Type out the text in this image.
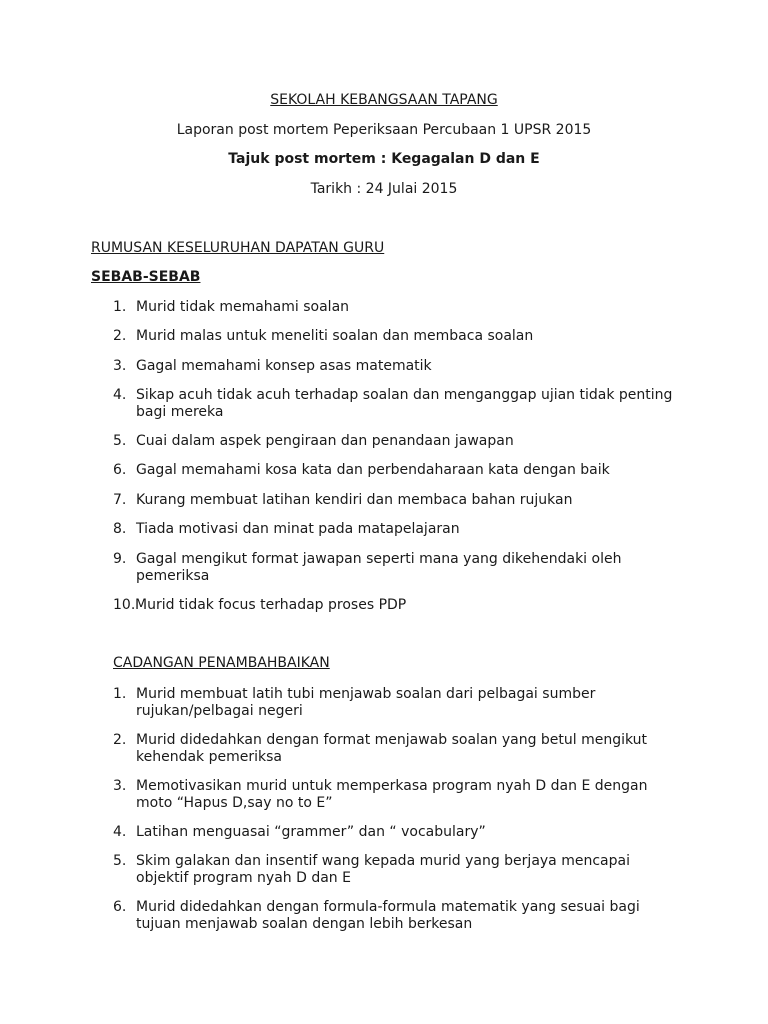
SEKOLAH KEBANGSAAN TAPANG
Laporan post mortem Peperiksaan Percubaan 1 UPSR 2015
Tajuk post mortem : Kegagalan D dan E
Tarikh : 24 Julai 2015
RUMUSAN KESELURUHAN DAPATAN GURU
SEBAB-SEBAB
1. Murid tidak memahami soalan
2. Murid malas untuk meneliti soalan dan membaca soalan
3. Gagal memahami konsep asas matematik
4. Sikap acuh tidak acuh terhadap soalan dan menganggap ujian tidak penting bagi mereka
5. Cuai dalam aspek pengiraan dan penandaan jawapan
6. Gagal memahami kosa kata dan perbendaharaan kata dengan baik
7. Kurang membuat latihan kendiri dan membaca bahan rujukan
8. Tiada motivasi dan minat pada matapelajaran
9. Gagal mengikut format jawapan seperti mana yang dikehendaki oleh pemeriksa
10. Murid tidak focus terhadap proses PDP
CADANGAN PENAMBAHBAIKAN
1. Murid membuat latih tubi menjawab soalan dari pelbagai sumber rujukan/pelbagai negeri
2. Murid didedahkan dengan format menjawab soalan yang betul mengikut kehendak pemeriksa
3. Memotivasikan murid untuk memperkasa program nyah D dan E dengan moto “Hapus D,say no to E”
4. Latihan menguasai “grammer” dan “ vocabulary”
5. Skim galakan dan insentif wang kepada murid yang berjaya mencapai objektif program nyah D dan E
6. Murid didedahkan dengan formula-formula matematik yang sesuai bagi tujuan menjawab soalan dengan lebih berkesan
